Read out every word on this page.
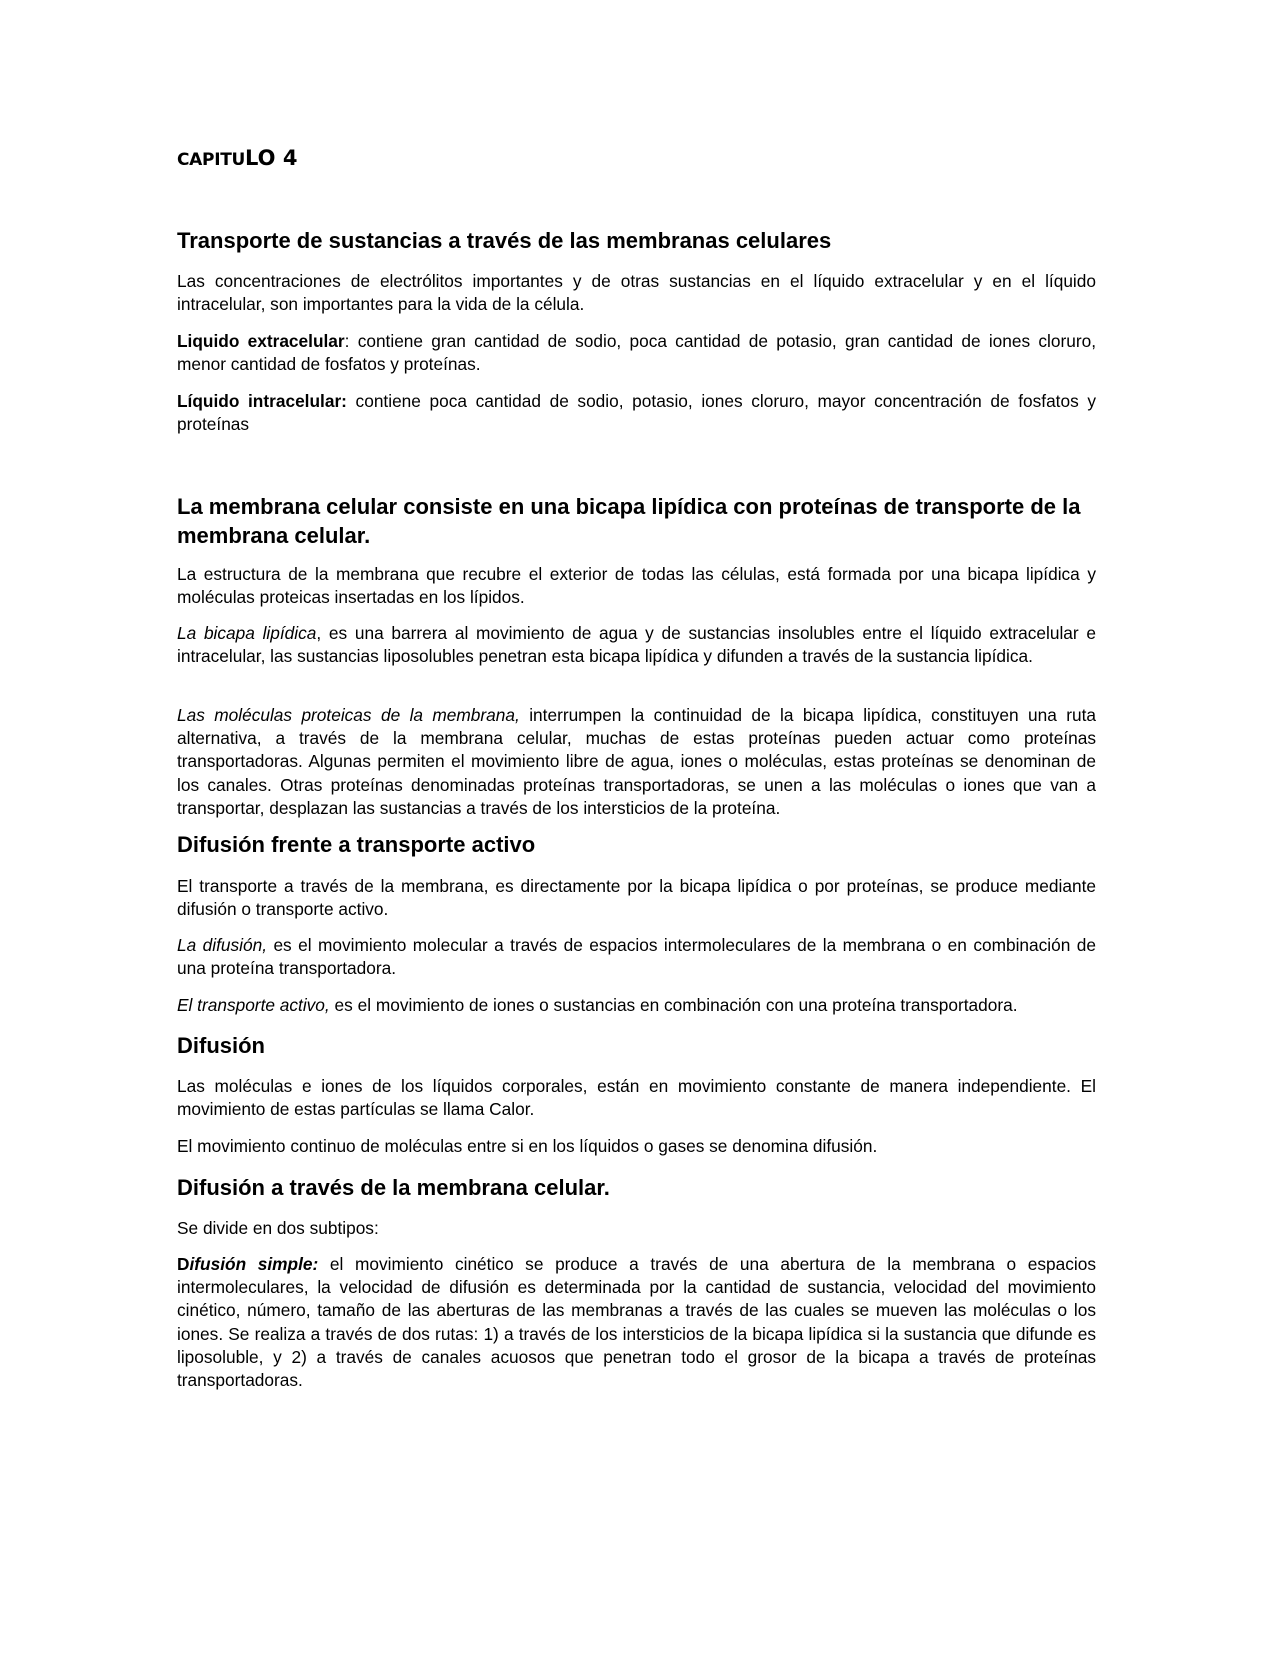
CAPITULO 4
Transporte de sustancias a través de las membranas celulares

Las concentraciones de electrólitos importantes y de otras sustancias en el líquido extracelular y en el líquido intracelular, son importantes para la vida de la célula.

Liquido extracelular: contiene gran cantidad de sodio, poca cantidad de potasio, gran cantidad de iones cloruro, menor cantidad de fosfatos y proteínas.

Líquido intracelular: contiene poca cantidad de sodio, potasio, iones cloruro, mayor concentración de fosfatos y proteínas

La membrana celular consiste en una bicapa lipídica con proteínas de transporte de la membrana celular.

La estructura de la membrana que recubre el exterior de todas las células, está formada por una bicapa lipídica y moléculas proteicas insertadas en los lípidos.

La bicapa lipídica, es una barrera al movimiento de agua y de sustancias insolubles entre el líquido extracelular e intracelular, las sustancias liposolubles penetran esta bicapa lipídica y difunden a través de la sustancia lipídica.

Las moléculas proteicas de la membrana, interrumpen la continuidad de la bicapa lipídica, constituyen una ruta alternativa, a través de la membrana celular, muchas de estas proteínas pueden actuar como proteínas transportadoras. Algunas permiten el movimiento libre de agua, iones o moléculas, estas proteínas se denominan de los canales. Otras proteínas denominadas proteínas transportadoras, se unen a las moléculas o iones que van a transportar, desplazan las sustancias a través de los intersticios de la proteína.

Difusión frente a transporte activo

El transporte a través de la membrana, es directamente por la bicapa lipídica o por proteínas, se produce mediante difusión o transporte activo.

La difusión, es el movimiento molecular a través de espacios intermoleculares de la membrana o en combinación de una proteína transportadora.

El transporte activo, es el movimiento de iones o sustancias en combinación con una proteína transportadora.

Difusión

Las moléculas e iones de los líquidos corporales, están en movimiento constante de manera independiente. El movimiento de estas partículas se llama Calor.

El movimiento continuo de moléculas entre si en los líquidos o gases se denomina difusión.

Difusión a través de la membrana celular.

Se divide en dos subtipos:

Difusión simple: el movimiento cinético se produce a través de una abertura de la membrana o espacios intermoleculares, la velocidad de difusión es determinada por la cantidad de sustancia, velocidad del movimiento cinético, número, tamaño de las aberturas de las membranas a través de las cuales se mueven las moléculas o los iones. Se realiza a través de dos rutas: 1) a través de los intersticios de la bicapa lipídica si la sustancia que difunde es liposoluble, y 2) a través de canales acuosos que penetran todo el grosor de la bicapa a través de proteínas transportadoras.
